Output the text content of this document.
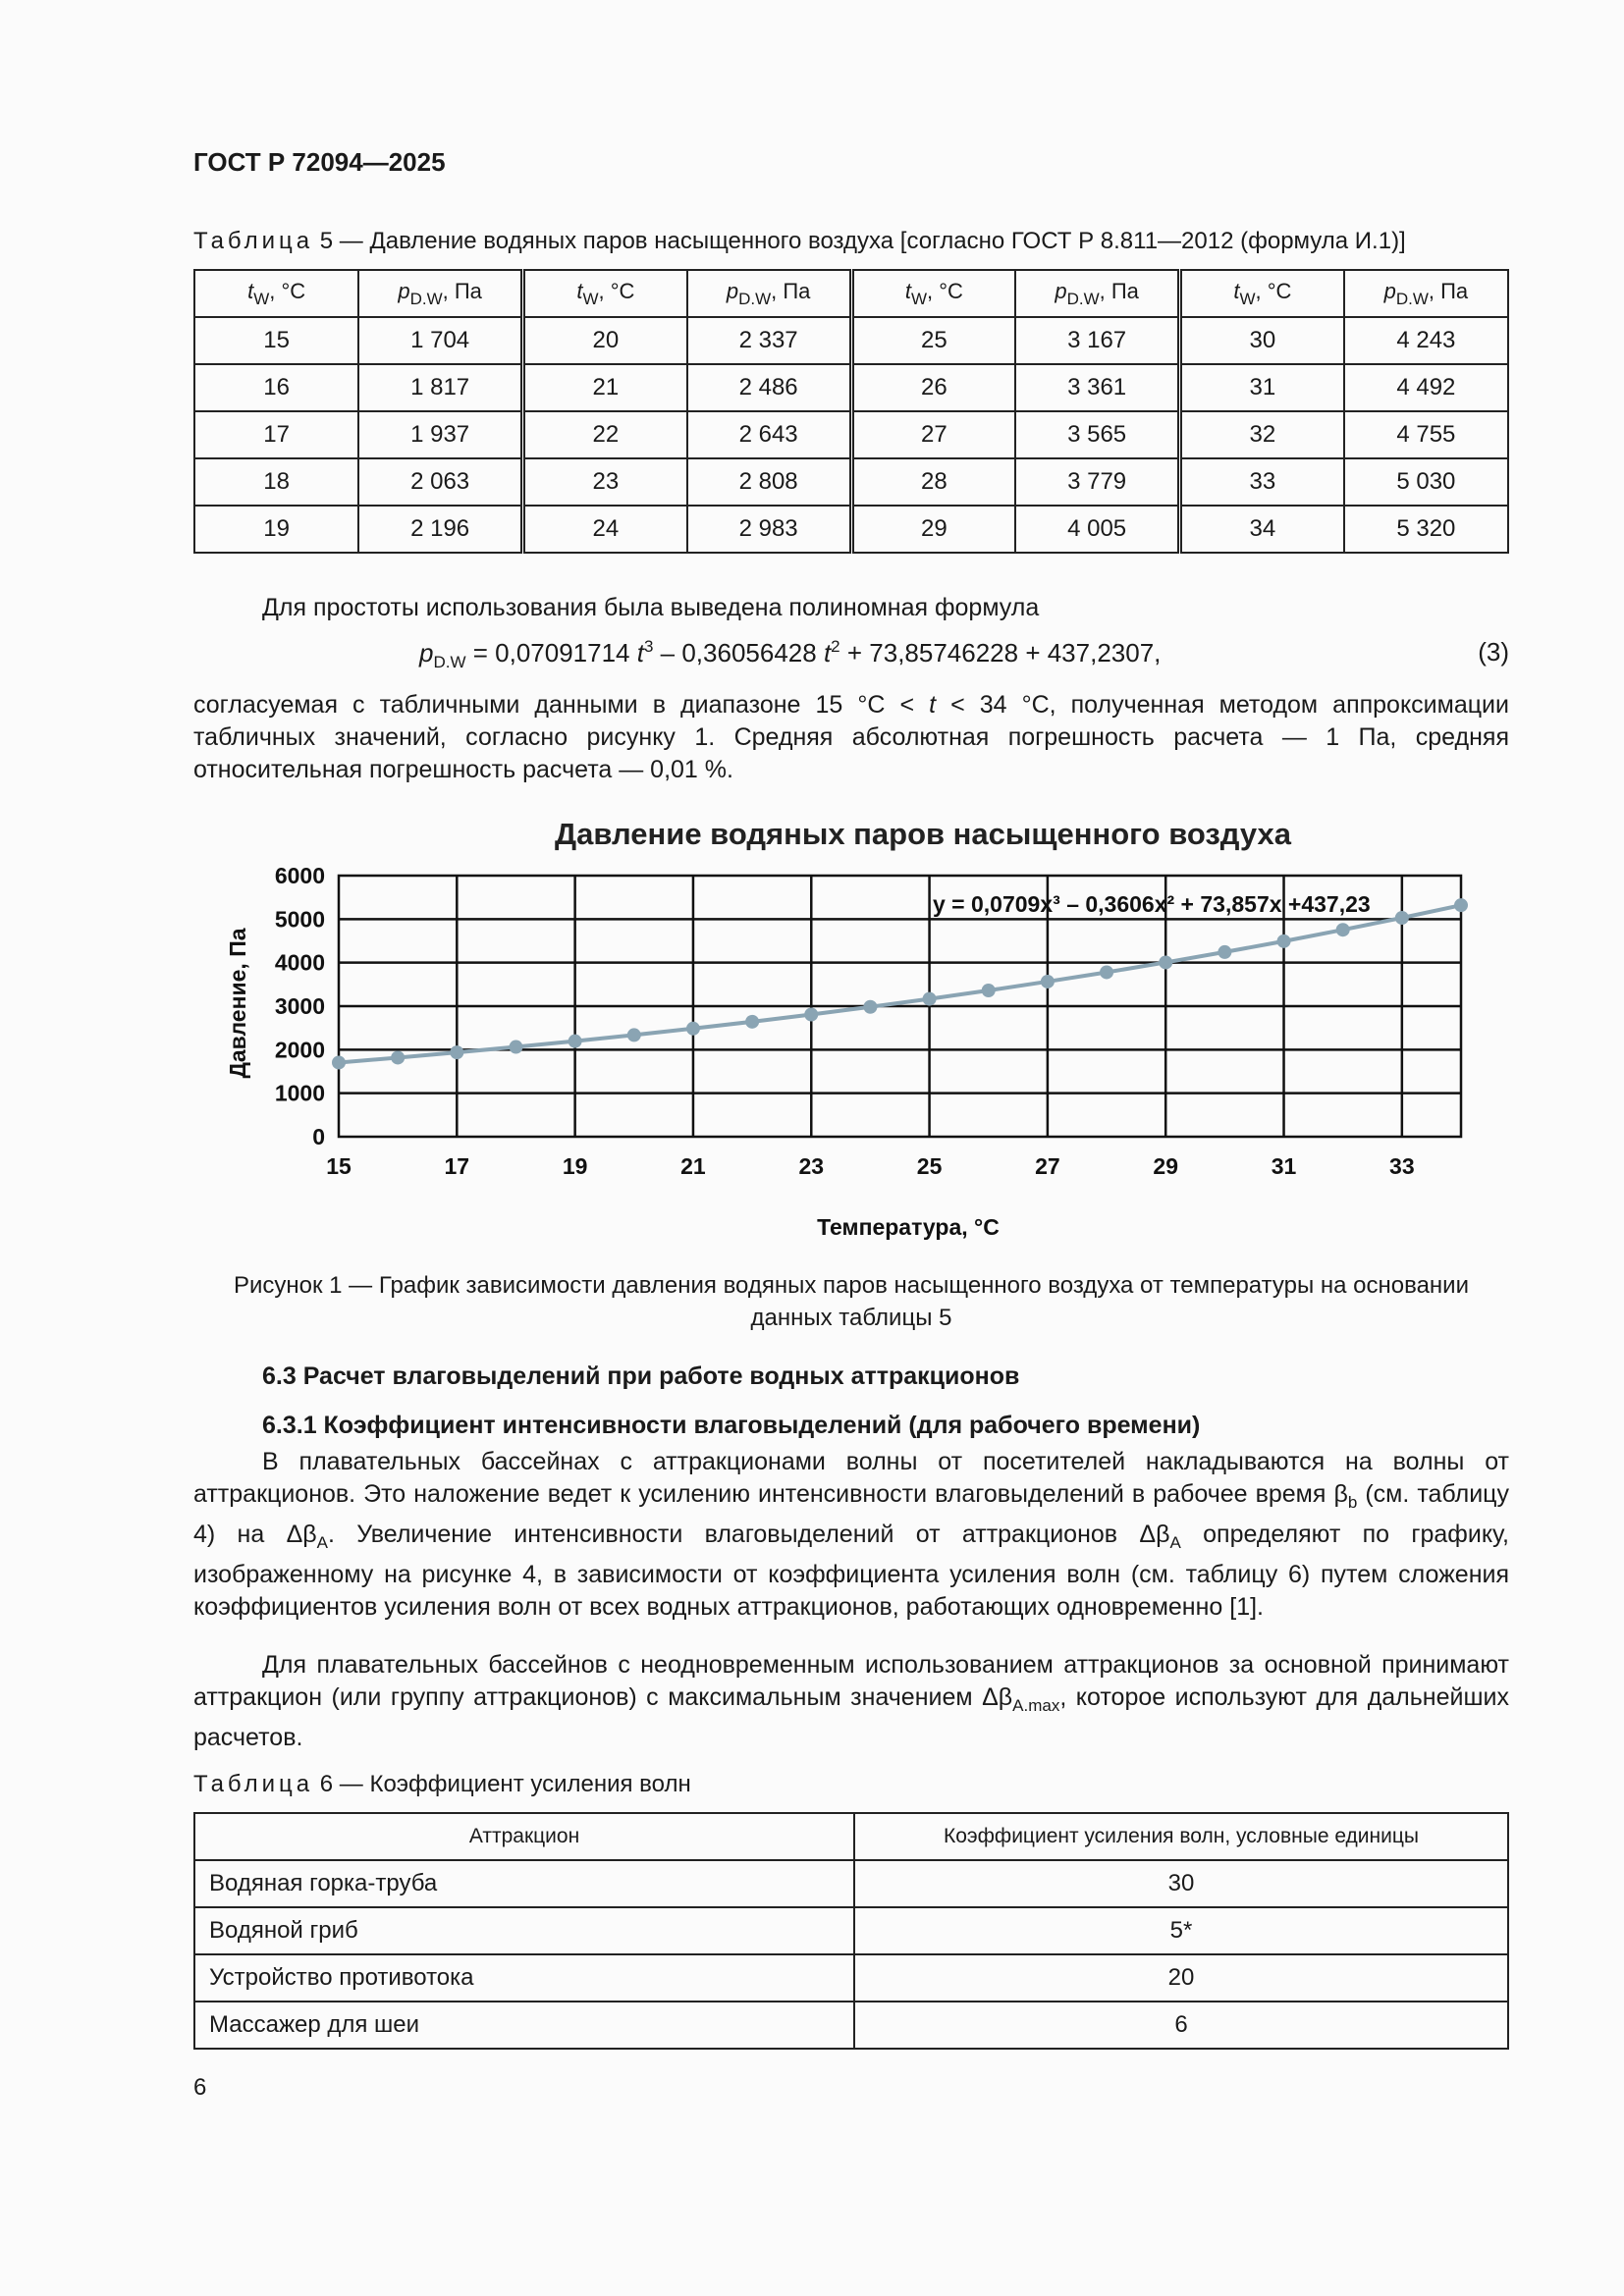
ГОСТ Р 72094—2025
Таблица 5 — Давление водяных паров насыщенного воздуха [согласно ГОСТ Р 8.811—2012 (формула И.1)]
$t_W$, °С	$p_{D.W}$, Па	$t_W$, °С	$p_{D.W}$, Па	$t_W$, °С	$p_{D.W}$, Па	$t_W$, °С	$p_{D.W}$, Па
15	1 704	20	2 337	25	3 167	30	4 243
16	1 817	21	2 486	26	3 361	31	4 492
17	1 937	22	2 643	27	3 565	32	4 755
18	2 063	23	2 808	28	3 779	33	5 030
19	2 196	24	2 983	29	4 005	34	5 320
Для простоты использования была выведена полиномная формула
$p_{D.W} = 0,07091714$ $t^3 - 0,36056428$ $t^2 + 73,85746228 + 437,2307$,	(3)
согласуемая с табличными данными в диапазоне 15 °С < t < 34 °С, полученная методом аппроксимации табличных значений, согласно рисунку 1. Средняя абсолютная погрешность расчета — 1 Па, средняя относительная погрешность расчета — 0,01 %.
15	17	19	21	23	25	27	29	31	33
0
1000
2000
3000
4000
5000
6000
Давление водяных паров насыщенного воздуха
Температура, °С
Давление, Па
y = 0,0709x³ – 0,3606x² + 73,857x +437,23
Рисунок 1 — График зависимости давления водяных паров насыщенного воздуха от температуры на основании данных таблицы 5
6.3 Расчет влаговыделений при работе водных аттракционов
6.3.1 Коэффициент интенсивности влаговыделений (для рабочего времени)
В плавательных бассейнах с аттракционами волны от посетителей накладываются на волны от аттракционов. Это наложение ведет к усилению интенсивности влаговыделений в рабочее время $\beta_b$ (см. таблицу 4) на $\Delta\beta_A$. Увеличение интенсивности влаговыделений от аттракционов $\Delta\beta_A$ определяют по графику, изображенному на рисунке 4, в зависимости от коэффициента усиления волн (см. таблицу 6) путем сложения коэффициентов усиления волн от всех водных аттракционов, работающих одновременно [1].
Для плавательных бассейнов с неодновременным использованием аттракционов за основной принимают аттракцион (или группу аттракционов) с максимальным значением $\Delta\beta_{A.max}$, которое используют для дальнейших расчетов.
Таблица 6 — Коэффициент усиления волн
Аттракцион	Коэффициент усиления волн, условные единицы
Водяная горка-труба	30
Водяной гриб	5*
Устройство противотока	20
Массажер для шеи	6
6
